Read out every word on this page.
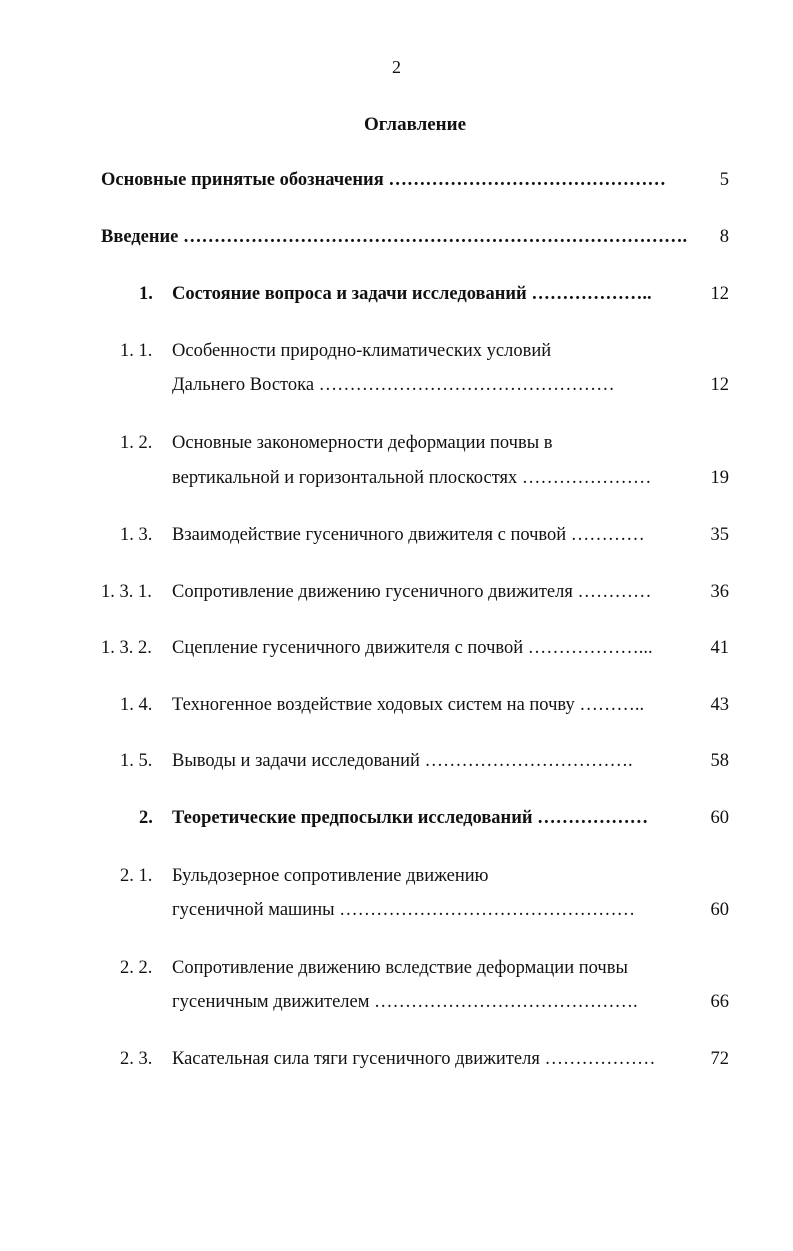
2
Оглавление
Основные принятые обозначения ………………………………………	5
Введение ………………………………………………………………………. 8
1. Состояние вопроса и задачи исследований ………………..	12
1. 1. Особенности природно-климатических условий
Дальнего Востока …………………………………………	12
1. 2. Основные закономерности деформации почвы в
вертикальной и горизонтальной плоскостях …………………	19
1. 3. Взаимодействие гусеничного движителя с почвой …………	35
1. 3. 1. Сопротивление движению гусеничного движителя …………	36
1. 3. 2. Сцепление гусеничного движителя с почвой ………………...	41
1. 4. Техногенное воздействие ходовых систем на почву ………..	43
1. 5. Выводы и задачи исследований …………………………….	58
2. Теоретические предпосылки исследований ………………	60
2. 1. Бульдозерное сопротивление движению
гусеничной машины …………………………………………	60
2. 2. Сопротивление движению вследствие деформации почвы
гусеничным движителем …………………………………….	66
2. 3. Касательная сила тяги гусеничного движителя ………………	72
